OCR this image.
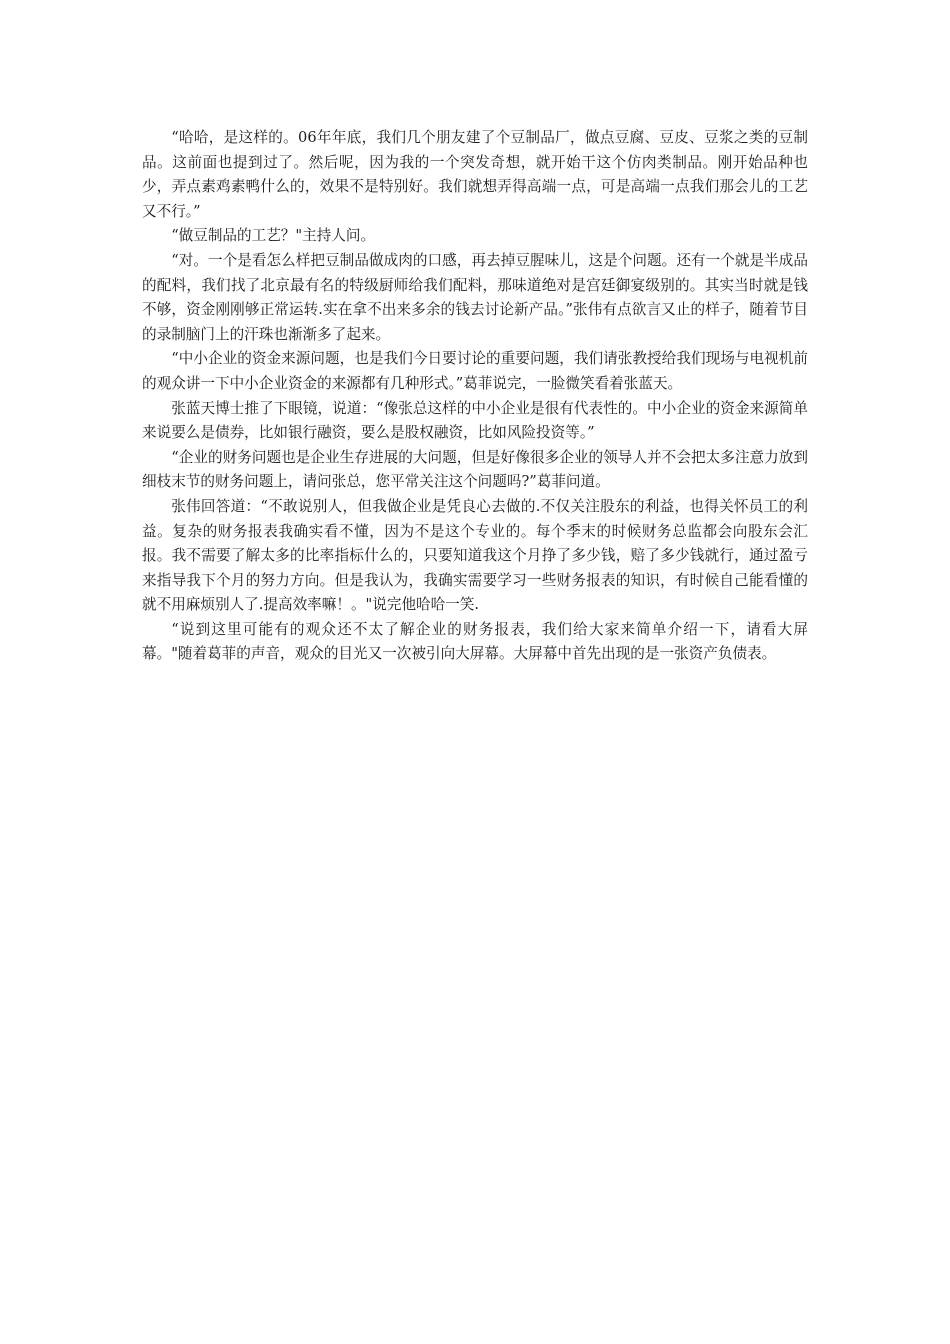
“哈哈，是这样的。06年年底，我们几个朋友建了个豆制品厂，做点豆腐、豆皮、豆浆之类的豆制品。这前面也提到过了。然后呢，因为我的一个突发奇想，就开始干这个仿肉类制品。刚开始品种也少，弄点素鸡素鸭什么的，效果不是特别好。我们就想弄得高端一点，可是高端一点我们那会儿的工艺又不行。”

“做豆制品的工艺？"主持人问。

“对。一个是看怎么样把豆制品做成肉的口感，再去掉豆腥味儿，这是个问题。还有一个就是半成品的配料，我们找了北京最有名的特级厨师给我们配料，那味道绝对是宫廷御宴级别的。其实当时就是钱不够，资金刚刚够正常运转.实在拿不出来多余的钱去讨论新产品。”张伟有点欲言又止的样子，随着节目的录制脑门上的汗珠也渐渐多了起来。

“中小企业的资金来源问题，也是我们今日要讨论的重要问题，我们请张教授给我们现场与电视机前的观众讲一下中小企业资金的来源都有几种形式。”葛菲说完，一脸微笑看着张蓝天。

张蓝天博士推了下眼镜，说道：“像张总这样的中小企业是很有代表性的。中小企业的资金来源简单来说要么是债券，比如银行融资，要么是股权融资，比如风险投资等。”

“企业的财务问题也是企业生存进展的大问题，但是好像很多企业的领导人并不会把太多注意力放到细枝末节的财务问题上，请问张总，您平常关注这个问题吗?”葛菲问道。

张伟回答道：“不敢说别人，但我做企业是凭良心去做的.不仅关注股东的利益，也得关怀员工的利益。复杂的财务报表我确实看不懂，因为不是这个专业的。每个季末的时候财务总监都会向股东会汇报。我不需要了解太多的比率指标什么的，只要知道我这个月挣了多少钱，赔了多少钱就行，通过盈亏来指导我下个月的努力方向。但是我认为，我确实需要学习一些财务报表的知识，有时候自己能看懂的就不用麻烦别人了.提高效率嘛！。"说完他哈哈一笑.

“说到这里可能有的观众还不太了解企业的财务报表，我们给大家来简单介绍一下，请看大屏幕。"随着葛菲的声音，观众的目光又一次被引向大屏幕。大屏幕中首先出现的是一张资产负债表。
